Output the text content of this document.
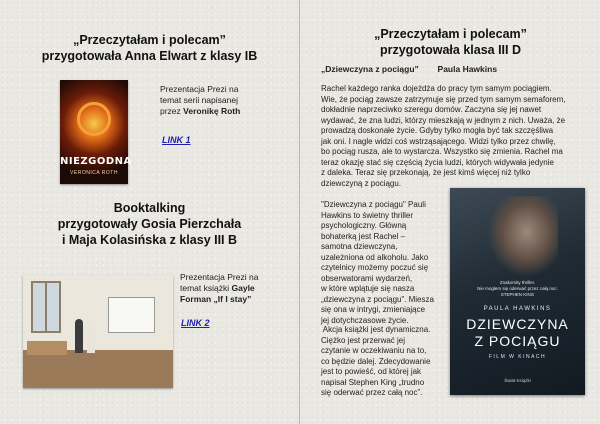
„Przeczytałam i polecam”
przygotowała Anna Elwart z klasy IB
NIEZGODNA
VERONICA ROTH
Prezentacja Prezi na
temat serii napisanej
przez Veronikę Roth
LINK 1
Booktalking
przygotowały Gosia Pierzchała
i Maja Kolasińska z klasy III B
Prezentacja Prezi na
temat książki Gayle
Forman „If I stay”
LINK 2
„Przeczytałam i polecam”
przygotowała klasa III D
„Dziewczyna z pociągu” Paula Hawkins
Rachel każdego ranka dojeżdża do pracy tym samym pociągiem.
Wie, że pociąg zawsze zatrzymuje się przed tym samym semaforem,
dokładnie naprzeciwko szeregu domów. Zaczyna się jej nawet
wydawać, że zna ludzi, którzy mieszkają w jednym z nich. Uważa, że
prowadzą doskonałe życie. Gdyby tylko mogła być tak szczęśliwa
jak oni. I nagle widzi coś wstrząsającego. Widzi tylko przez chwilę,
bo pociąg rusza, ale to wystarcza. Wszystko się zmienia. Rachel ma
teraz okazję stać się częścią życia ludzi, których widywała jedynie
z daleka. Teraz się przekonają, że jest kimś więcej niż tylko
dziewczyną z pociągu.
"Dziewczyna z pociągu" Pauli
Hawkins to świetny thriller
psychologiczny. Główną
bohaterką jest Rachel –
samotna dziewczyna,
uzależniona od alkoholu. Jako
czytelnicy możemy poczuć się
obserwatorami wydarzeń,
w które wplątuje się nasza
„dziewczyna z pociągu”. Miesza
się ona w intrygi, zmieniające
jej dotychczasowe życie.
Akcja książki jest dynamiczna.
Ciężko jest przerwać jej
czytanie w oczekiwaniu na to,
co będzie dalej. Zdecydowanie
jest to powieść, od której jak
napisał Stephen King „trudno
się oderwać przez całą noc”.
Znakomity thriller.
Nie mogłem się oderwać przez całą noc.
STEPHEN KING
PAULA HAWKINS
DZIEWCZYNA
Z POCIĄGU
FILM W KINACH
Świat Książki
